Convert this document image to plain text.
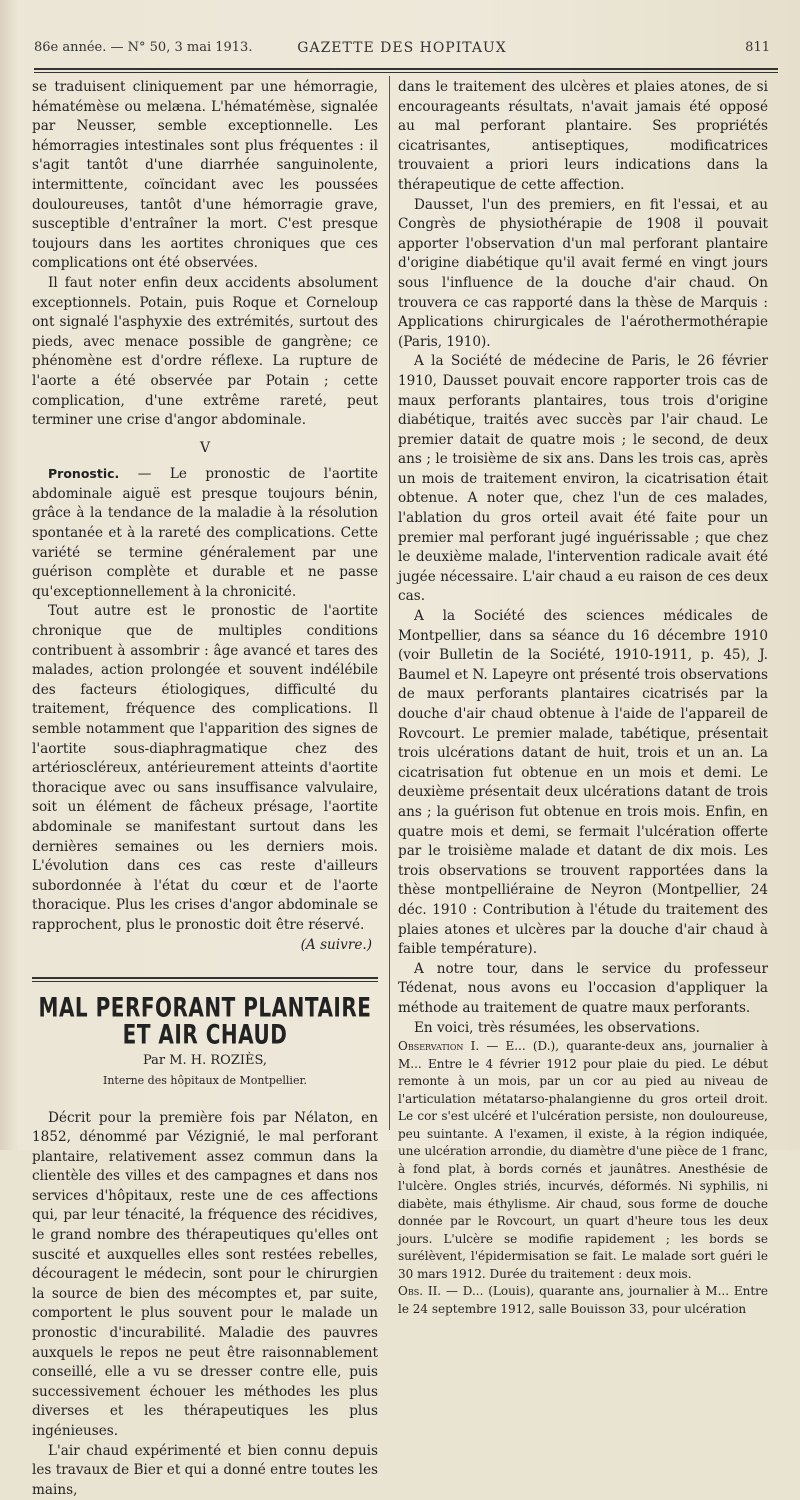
86e année. — N° 50, 3 mai 1913.	GAZETTE DES HOPITAUX	811

se traduisent cliniquement par une hémorragie, hématémèse ou melæna. L'hématémèse, signalée par Neusser, semble exceptionnelle. Les hémorragies intestinales sont plus fréquentes : il s'agit tantôt d'une diarrhée sanguinolente, intermittente, coïncidant avec les poussées douloureuses, tantôt d'une hémorragie grave, susceptible d'entraîner la mort. C'est presque toujours dans les aortites chroniques que ces complications ont été observées.

Il faut noter enfin deux accidents absolument exceptionnels. Potain, puis Roque et Corneloup ont signalé l'asphyxie des extrémités, surtout des pieds, avec menace possible de gangrène; ce phénomène est d'ordre réflexe. La rupture de l'aorte a été observée par Potain ; cette complication, d'une extrême rareté, peut terminer une crise d'angor abdominale.

V

Pronostic. — Le pronostic de l'aortite abdominale aiguë est presque toujours bénin, grâce à la tendance de la maladie à la résolution spontanée et à la rareté des complications. Cette variété se termine généralement par une guérison complète et durable et ne passe qu'exceptionnellement à la chronicité.

Tout autre est le pronostic de l'aortite chronique que de multiples conditions contribuent à assombrir : âge avancé et tares des malades, action prolongée et souvent indélébile des facteurs étiologiques, difficulté du traitement, fréquence des complications. Il semble notamment que l'apparition des signes de l'aortite sous-diaphragmatique chez des artérioscléreux, antérieurement atteints d'aortite thoracique avec ou sans insuffisance valvulaire, soit un élément de fâcheux présage, l'aortite abdominale se manifestant surtout dans les dernières semaines ou les derniers mois. L'évolution dans ces cas reste d'ailleurs subordonnée à l'état du cœur et de l'aorte thoracique. Plus les crises d'angor abdominale se rapprochent, plus le pronostic doit être réservé.

(A suivre.)
MAL PERFORANT PLANTAIRE ET AIR CHAUD
Par M. H. ROZIÈS,
Interne des hôpitaux de Montpellier.

Décrit pour la première fois par Nélaton, en 1852, dénommé par Vézignié, le mal perforant plantaire, relativement assez commun dans la clientèle des villes et des campagnes et dans nos services d'hôpitaux, reste une de ces affections qui, par leur ténacité, la fréquence des récidives, le grand nombre des thérapeutiques qu'elles ont suscité et auxquelles elles sont restées rebelles, découragent le médecin, sont pour le chirurgien la source de bien des mécomptes et, par suite, comportent le plus souvent pour le malade un pronostic d'incurabilité. Maladie des pauvres auxquels le repos ne peut être raisonnablement conseillé, elle a vu se dresser contre elle, puis successivement échouer les méthodes les plus diverses et les thérapeutiques les plus ingénieuses.

L'air chaud expérimenté et bien connu depuis les travaux de Bier et qui a donné entre toutes les mains,

dans le traitement des ulcères et plaies atones, de si encourageants résultats, n'avait jamais été opposé au mal perforant plantaire. Ses propriétés cicatrisantes, antiseptiques, modificatrices trouvaient a priori leurs indications dans la thérapeutique de cette affection.

Dausset, l'un des premiers, en fit l'essai, et au Congrès de physiothérapie de 1908 il pouvait apporter l'observation d'un mal perforant plantaire d'origine diabétique qu'il avait fermé en vingt jours sous l'influence de la douche d'air chaud. On trouvera ce cas rapporté dans la thèse de Marquis : Applications chirurgicales de l'aérothermothérapie (Paris, 1910).

A la Société de médecine de Paris, le 26 février 1910, Dausset pouvait encore rapporter trois cas de maux perforants plantaires, tous trois d'origine diabétique, traités avec succès par l'air chaud. Le premier datait de quatre mois ; le second, de deux ans ; le troisième de six ans. Dans les trois cas, après un mois de traitement environ, la cicatrisation était obtenue. A noter que, chez l'un de ces malades, l'ablation du gros orteil avait été faite pour un premier mal perforant jugé inguérissable ; que chez le deuxième malade, l'intervention radicale avait été jugée nécessaire. L'air chaud a eu raison de ces deux cas.

A la Société des sciences médicales de Montpellier, dans sa séance du 16 décembre 1910 (voir Bulletin de la Société, 1910-1911, p. 45), J. Baumel et N. Lapeyre ont présenté trois observations de maux perforants plantaires cicatrisés par la douche d'air chaud obtenue à l'aide de l'appareil de Rovcourt. Le premier malade, tabétique, présentait trois ulcérations datant de huit, trois et un an. La cicatrisation fut obtenue en un mois et demi. Le deuxième présentait deux ulcérations datant de trois ans ; la guérison fut obtenue en trois mois. Enfin, en quatre mois et demi, se fermait l'ulcération offerte par le troisième malade et datant de dix mois. Les trois observations se trouvent rapportées dans la thèse montpelliéraine de Neyron (Montpellier, 24 déc. 1910 : Contribution à l'étude du traitement des plaies atones et ulcères par la douche d'air chaud à faible température).

A notre tour, dans le service du professeur Tédenat, nous avons eu l'occasion d'appliquer la méthode au traitement de quatre maux perforants.

En voici, très résumées, les observations.

Observation I. — E... (D.), quarante-deux ans, journalier à M... Entre le 4 février 1912 pour plaie du pied. Le début remonte à un mois, par un cor au pied au niveau de l'articulation métatarso-phalangienne du gros orteil droit. Le cor s'est ulcéré et l'ulcération persiste, non douloureuse, peu suintante. A l'examen, il existe, à la région indiquée, une ulcération arrondie, du diamètre d'une pièce de 1 franc, à fond plat, à bords cornés et jaunâtres. Anesthésie de l'ulcère. Ongles striés, incurvés, déformés. Ni syphilis, ni diabète, mais éthylisme. Air chaud, sous forme de douche donnée par le Rovcourt, un quart d'heure tous les deux jours. L'ulcère se modifie rapidement ; les bords se surélèvent, l'épidermisation se fait. Le malade sort guéri le 30 mars 1912. Durée du traitement : deux mois.

Obs. II. — D... (Louis), quarante ans, journalier à M... Entre le 24 septembre 1912, salle Bouisson 33, pour ulcération
